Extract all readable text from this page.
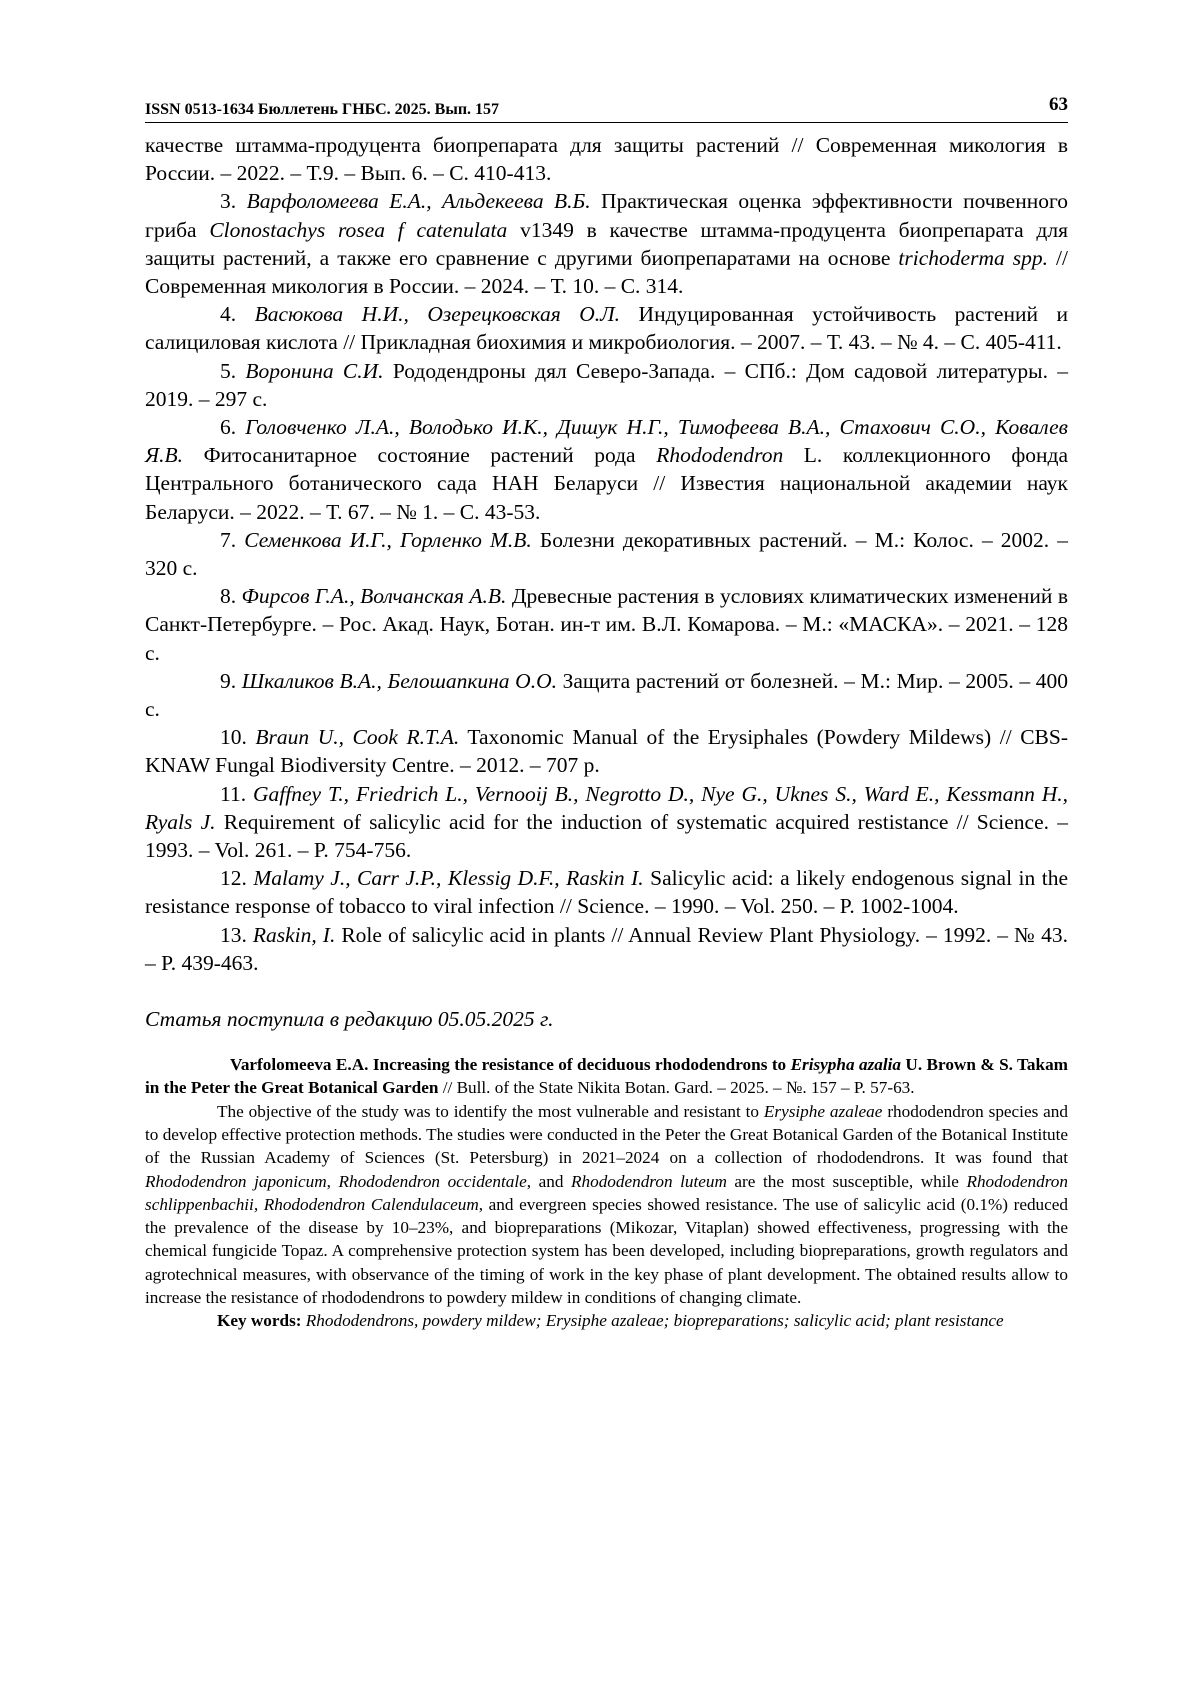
ISSN 0513-1634 Бюллетень ГНБС. 2025. Вып. 157	63

качестве штамма-продуцента биопрепарата для защиты растений // Современная микология в России. – 2022. – Т.9. – Вып. 6. – С. 410-413.

3. Варфоломеева Е.А., Альдекеева В.Б. Практическая оценка эффективности почвенного гриба Clonostachys rosea f catenulata v1349 в качестве штамма-продуцента биопрепарата для защиты растений, а также его сравнение с другими биопрепаратами на основе trichoderma spp. // Современная микология в России. – 2024. – Т. 10. – С. 314.

4. Васюкова Н.И., Озерецковская О.Л. Индуцированная устойчивость растений и салициловая кислота // Прикладная биохимия и микробиология. – 2007. – Т. 43. – № 4. – С. 405-411.

5. Воронина С.И. Рододендроны дял Северо-Запада. – СПб.: Дом садовой литературы. – 2019. – 297 с.

6. Головченко Л.А., Володько И.К., Дишук Н.Г., Тимофеева В.А., Стахович С.О., Ковалев Я.В. Фитосанитарное состояние растений рода Rhododendron L. коллекционного фонда Центрального ботанического сада НАН Беларуси // Известия национальной академии наук Беларуси. – 2022. – Т. 67. – № 1. – С. 43-53.

7. Семенкова И.Г., Горленко М.В. Болезни декоративных растений. – М.: Колос. – 2002. – 320 с.

8. Фирсов Г.А., Волчанская А.В. Древесные растения в условиях климатических изменений в Санкт-Петербурге. – Рос. Акад. Наук, Ботан. ин-т им. В.Л. Комарова. – М.: «МАСКА». – 2021. – 128 с.

9. Шкаликов В.А., Белошапкина О.О. Защита растений от болезней. – М.: Мир. – 2005. – 400 с.

10. Braun U., Cook R.T.A. Taxonomic Manual of the Erysiphales (Powdery Mildews) // CBS-KNAW Fungal Biodiversity Centre. – 2012. – 707 p.

11. Gaffney T., Friedrich L., Vernooij B., Negrotto D., Nye G., Uknes S., Ward E., Kessmann H., Ryals J. Requirement of salicylic acid for the induction of systematic acquired restistance // Science. – 1993. – Vol. 261. – P. 754-756.

12. Malamy J., Carr J.P., Klessig D.F., Raskin I. Salicylic acid: a likely endogenous signal in the resistance response of tobacco to viral infection // Science. – 1990. – Vol. 250. – P. 1002-1004.

13. Raskin, I. Role of salicylic acid in plants // Annual Review Plant Physiology. – 1992. – № 43. – P. 439-463.

Статья поступила в редакцию 05.05.2025 г.

Varfolomeeva E.A. Increasing the resistance of deciduous rhododendrons to Erisypha azalia U. Brown & S. Takam in the Peter the Great Botanical Garden // Bull. of the State Nikita Botan. Gard. – 2025. – №. 157 – P. 57-63.

The objective of the study was to identify the most vulnerable and resistant to Erysiphe azaleae rhododendron species and to develop effective protection methods. The studies were conducted in the Peter the Great Botanical Garden of the Botanical Institute of the Russian Academy of Sciences (St. Petersburg) in 2021–2024 on a collection of rhododendrons. It was found that Rhododendron japonicum, Rhododendron occidentale, and Rhododendron luteum are the most susceptible, while Rhododendron schlippenbachii, Rhododendron Calendulaceum, and evergreen species showed resistance. The use of salicylic acid (0.1%) reduced the prevalence of the disease by 10–23%, and biopreparations (Mikozar, Vitaplan) showed effectiveness, progressing with the chemical fungicide Topaz. A comprehensive protection system has been developed, including biopreparations, growth regulators and agrotechnical measures, with observance of the timing of work in the key phase of plant development. The obtained results allow to increase the resistance of rhododendrons to powdery mildew in conditions of changing climate.

Key words: Rhododendrons, powdery mildew; Erysiphe azaleae; biopreparations; salicylic acid; plant resistance
